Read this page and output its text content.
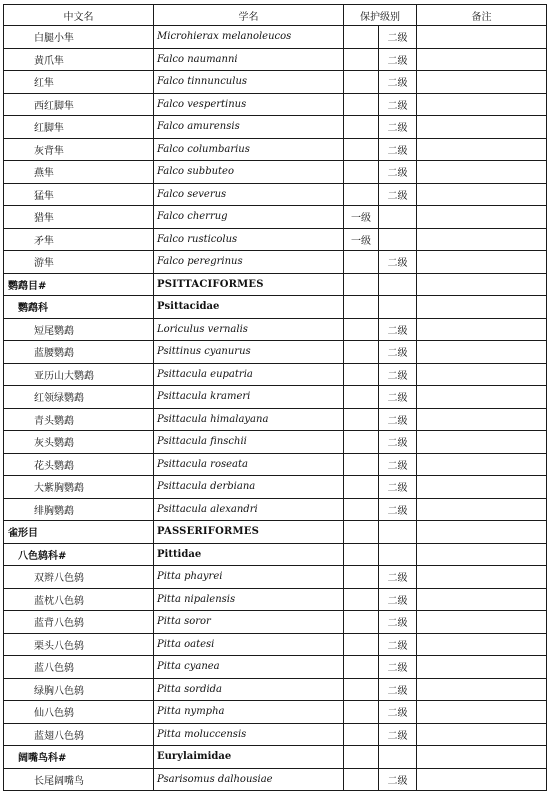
中文名	学名	保护级别		备注
白腿小隼	Microhierax melanoleucos		二级	
黄爪隼	Falco naumanni		二级	
红隼	Falco tinnunculus		二级	
西红脚隼	Falco vespertinus		二级	
红脚隼	Falco amurensis		二级	
灰背隼	Falco columbarius		二级	
燕隼	Falco subbuteo		二级	
猛隼	Falco severus		二级	
猎隼	Falco cherrug	一级		
矛隼	Falco rusticolus	一级		
游隼	Falco peregrinus		二级	
鹦鹉目#	PSITTACIFORMES			
鹦鹉科	Psittacidae			
短尾鹦鹉	Loriculus vernalis		二级	
蓝腰鹦鹉	Psittinus cyanurus		二级	
亚历山大鹦鹉	Psittacula eupatria		二级	
红领绿鹦鹉	Psittacula krameri		二级	
青头鹦鹉	Psittacula himalayana		二级	
灰头鹦鹉	Psittacula finschii		二级	
花头鹦鹉	Psittacula roseata		二级	
大紫胸鹦鹉	Psittacula derbiana		二级	
绯胸鹦鹉	Psittacula alexandri		二级	
雀形目	PASSERIFORMES			
八色鸫科#	Pittidae			
双辫八色鸫	Pitta phayrei		二级	
蓝枕八色鸫	Pitta nipalensis		二级	
蓝背八色鸫	Pitta soror		二级	
栗头八色鸫	Pitta oatesi		二级	
蓝八色鸫	Pitta cyanea		二级	
绿胸八色鸫	Pitta sordida		二级	
仙八色鸫	Pitta nympha		二级	
蓝翅八色鸫	Pitta moluccensis		二级	
阔嘴鸟科#	Eurylaimidae			
长尾阔嘴鸟	Psarisomus dalhousiae		二级	
